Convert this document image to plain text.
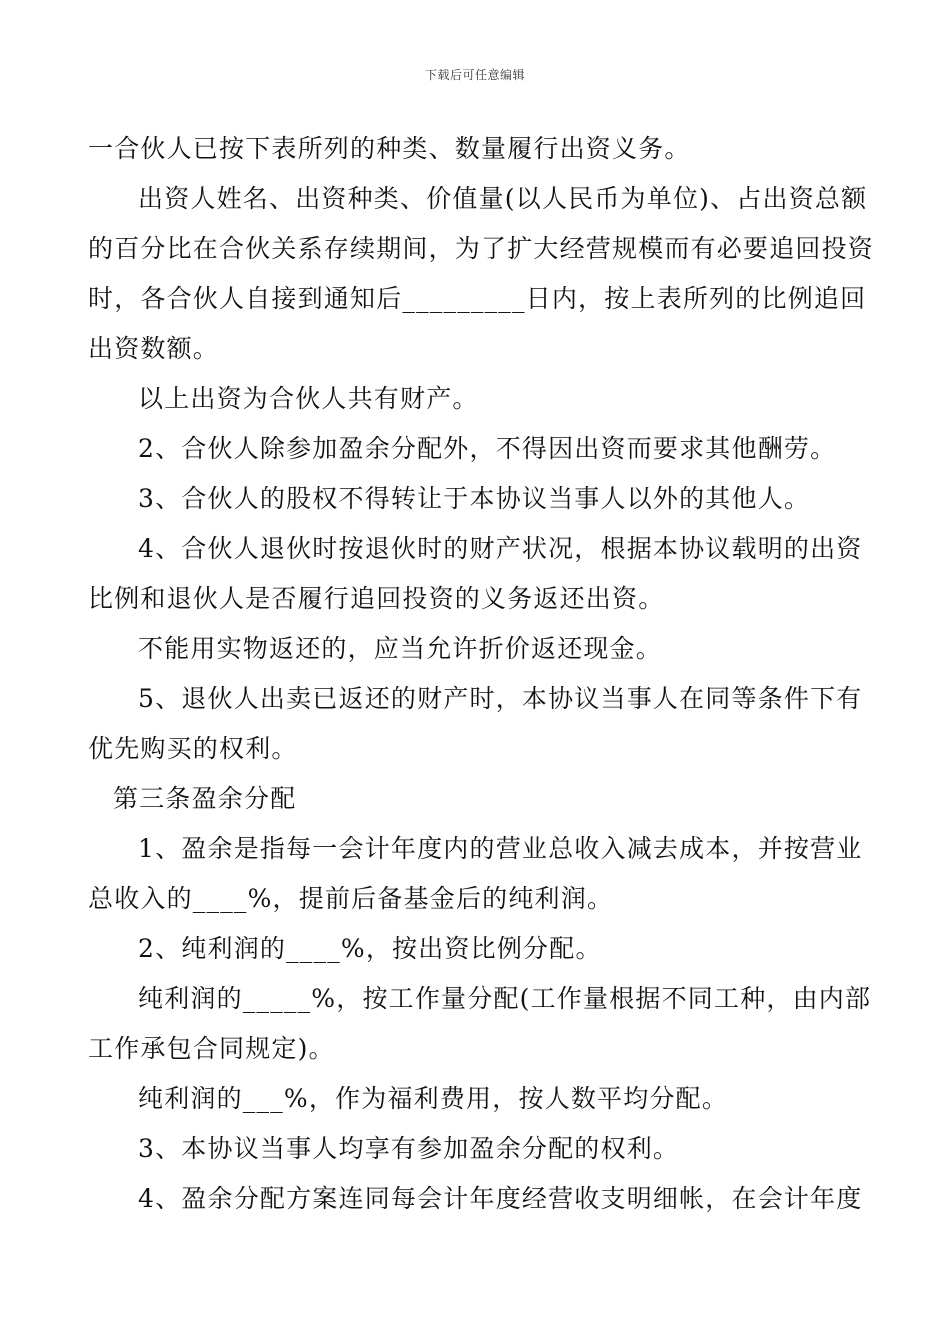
下载后可任意编辑

一合伙人已按下表所列的种类、数量履行出资义务。

出资人姓名、出资种类、价值量(以人民币为单位)、占出资总额

的百分比在合伙关系存续期间，为了扩大经营规模而有必要追回投资

时，各合伙人自接到通知后_________日内，按上表所列的比例追回

出资数额。

以上出资为合伙人共有财产。

2、合伙人除参加盈余分配外，不得因出资而要求其他酬劳。

3、合伙人的股权不得转让于本协议当事人以外的其他人。

4、合伙人退伙时按退伙时的财产状况，根据本协议载明的出资

比例和退伙人是否履行追回投资的义务返还出资。

不能用实物返还的，应当允许折价返还现金。

5、退伙人出卖已返还的财产时，本协议当事人在同等条件下有

优先购买的权利。

第三条盈余分配

1、盈余是指每一会计年度内的营业总收入减去成本，并按营业

总收入的____%，提前后备基金后的纯利润。

2、纯利润的____%，按出资比例分配。

纯利润的_____%，按工作量分配(工作量根据不同工种，由内部

工作承包合同规定)。

纯利润的___%，作为福利费用，按人数平均分配。

3、本协议当事人均享有参加盈余分配的权利。

4、盈余分配方案连同每会计年度经营收支明细帐，在会计年度
